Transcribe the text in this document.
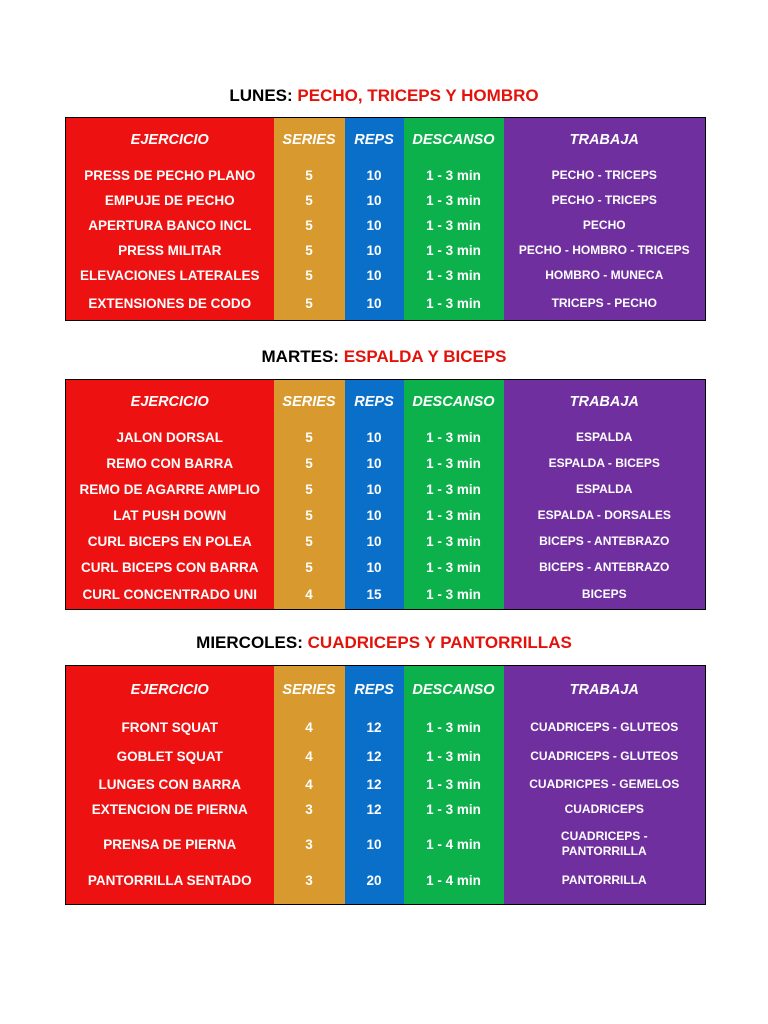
LUNES: PECHO, TRICEPS Y HOMBRO
EJERCICIO	SERIES	REPS	DESCANSO	TRABAJA
PRESS DE PECHO PLANO	5	10	1 - 3 min	PECHO - TRICEPS
EMPUJE DE PECHO	5	10	1 - 3 min	PECHO - TRICEPS
APERTURA BANCO INCL	5	10	1 - 3 min	PECHO
PRESS MILITAR	5	10	1 - 3 min	PECHO - HOMBRO - TRICEPS
ELEVACIONES LATERALES	5	10	1 - 3 min	HOMBRO - MUNECA
EXTENSIONES DE CODO	5	10	1 - 3 min	TRICEPS - PECHO
MARTES: ESPALDA Y BICEPS
EJERCICIO	SERIES	REPS	DESCANSO	TRABAJA
JALON DORSAL	5	10	1 - 3 min	ESPALDA
REMO CON BARRA	5	10	1 - 3 min	ESPALDA - BICEPS
REMO DE AGARRE AMPLIO	5	10	1 - 3 min	ESPALDA
LAT PUSH DOWN	5	10	1 - 3 min	ESPALDA - DORSALES
CURL BICEPS EN POLEA	5	10	1 - 3 min	BICEPS - ANTEBRAZO
CURL BICEPS CON BARRA	5	10	1 - 3 min	BICEPS - ANTEBRAZO
CURL CONCENTRADO UNI	4	15	1 - 3 min	BICEPS
MIERCOLES: CUADRICEPS Y PANTORRILLAS
EJERCICIO	SERIES	REPS	DESCANSO	TRABAJA
FRONT SQUAT	4	12	1 - 3 min	CUADRICEPS - GLUTEOS
GOBLET SQUAT	4	12	1 - 3 min	CUADRICEPS - GLUTEOS
LUNGES CON BARRA	4	12	1 - 3 min	CUADRICPES - GEMELOS
EXTENCION DE PIERNA	3	12	1 - 3 min	CUADRICEPS
PRENSA DE PIERNA	3	10	1 - 4 min	CUADRICEPS - PANTORRILLA
PANTORRILLA SENTADO	3	20	1 - 4 min	PANTORRILLA
